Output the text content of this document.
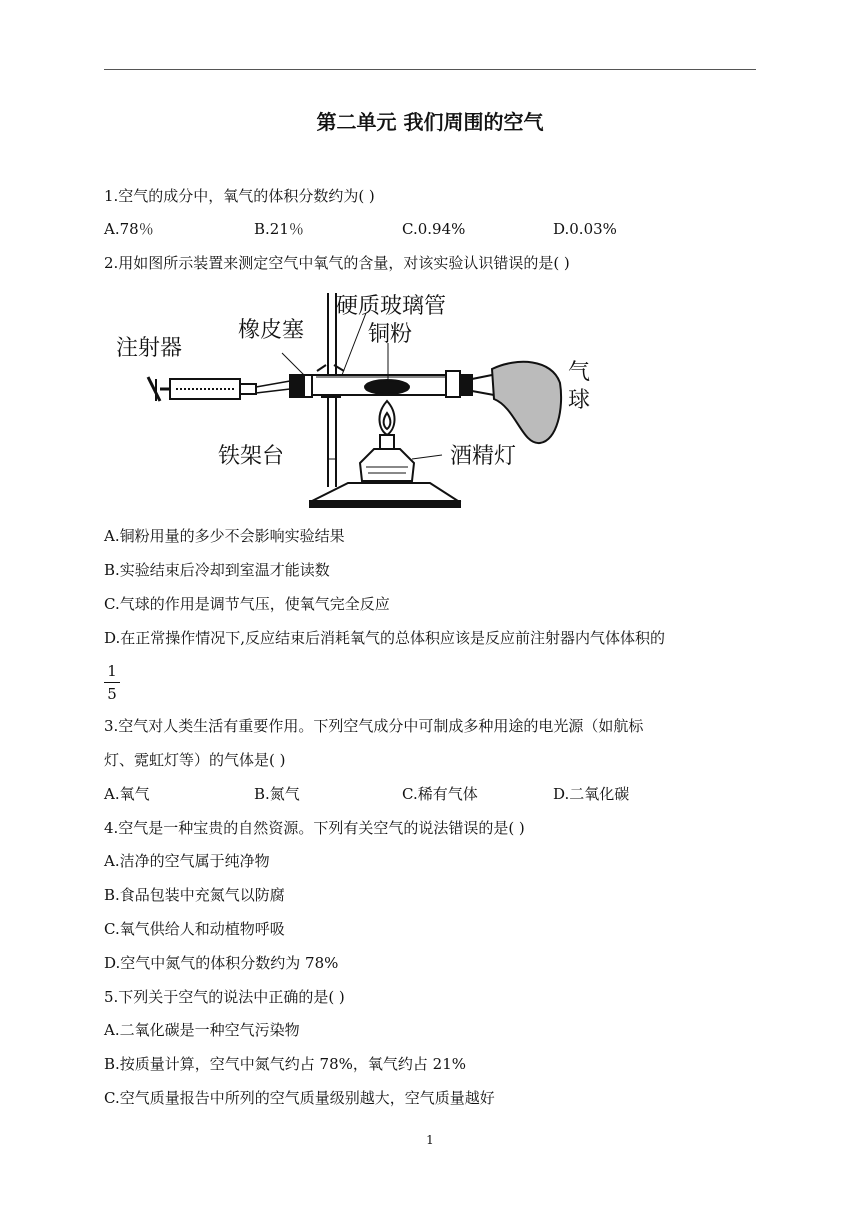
第二单元 我们周围的空气
1.空气的成分中，氧气的体积分数约为( )
A.78％	B.21％	C.0.94%	D.0.03%
2.用如图所示装置来测定空气中氧气的含量，对该实验认识错误的是( )
注射器
橡皮塞
硬质玻璃管
铜粉
气
球
铁架台	酒精灯
A.铜粉用量的多少不会影响实验结果
B.实验结束后冷却到室温才能读数
C.气球的作用是调节气压，使氧气完全反应
D.在正常操作情况下,反应结束后消耗氧气的总体积应该是反应前注射器内气体体积的
1
5
3.空气对人类生活有重要作用。下列空气成分中可制成多种用途的电光源（如航标
灯、霓虹灯等）的气体是( )
A.氧气	B.氮气	C.稀有气体	D.二氧化碳
4.空气是一种宝贵的自然资源。下列有关空气的说法错误的是( )
A.洁净的空气属于纯净物
B.食品包装中充氮气以防腐
C.氧气供给人和动植物呼吸
D.空气中氮气的体积分数约为 78%
5.下列关于空气的说法中正确的是( )
A.二氧化碳是一种空气污染物
B.按质量计算，空气中氮气约占 78%，氧气约占 21%
C.空气质量报告中所列的空气质量级别越大，空气质量越好
1
